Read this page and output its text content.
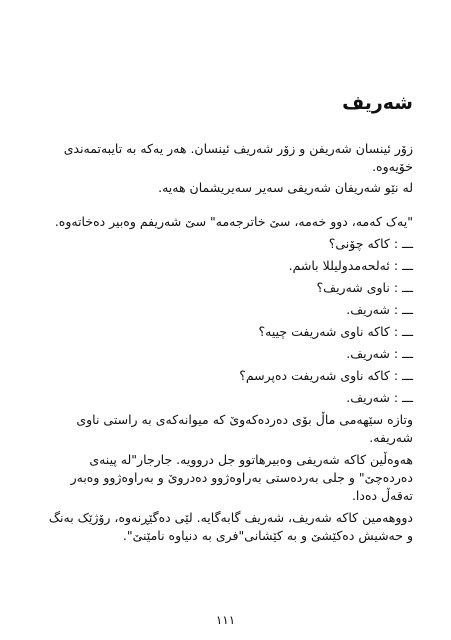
شەریف

زۆر ئینسان شەریفن و زۆر شەریف ئینسان. هەر یەکە بە تایبەتمەندی خۆیەوە.

لە نێو شەریفان شەریفی سەیر سەیریشمان هەیە.

"یەک کەمە، دوو خەمە، سێ خاترجەمە" سێ شەریفم وەبیر دەخاتەوە.

ـــ : کاکە چۆنی؟

ـــ : ئەلحەمدولیللا باشم.

ـــ : ناوی شەریف؟

ـــ : شەریف.

ـــ : کاکە ناوی شەریفت چییە؟

ـــ : شەریف.

ـــ : کاکە ناوی شەریفت دەپرسم؟

ـــ : شەریف.

وتازە سێهەمی ماڵ بۆی دەردەکەوێ کە میوانەکەی بە راستی ناوی شەریفە.

هەوەڵین کاکە شەریفی وەبیرهاتوو جل دروویە. جارجار"لە پینەی دەردەچێ" و جلی بەردەستی بەراوەژوو دەدروێ و بەراوەژوو وەبەر تەقەڵ دەدا.

دووهەمین کاکە شەریف، شەریف گابەگایە. لێی دەگێڕنەوە، رۆژێک بەنگ و حەشیش دەکێشێ و بە کێشانی"فری بە دنیاوە نامێنێ".

١١١
